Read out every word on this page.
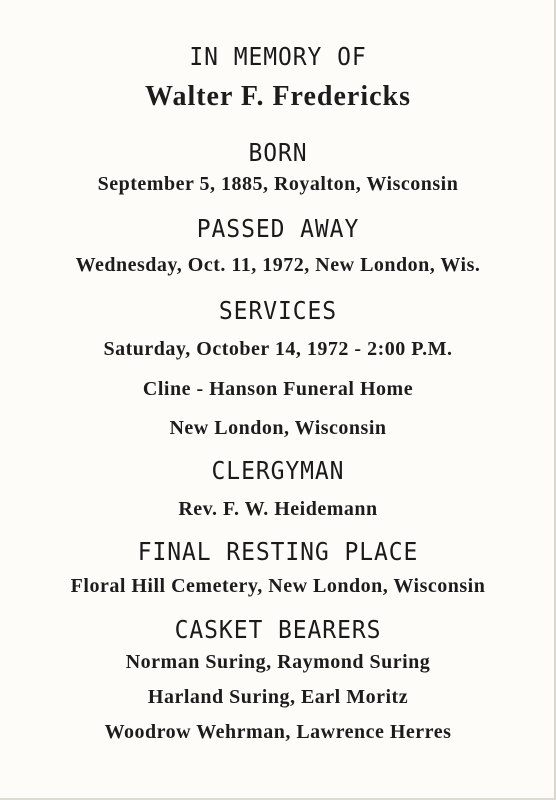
IN MEMORY OF
Walter F. Fredericks
BORN
September 5, 1885, Royalton, Wisconsin
PASSED AWAY
Wednesday, Oct. 11, 1972, New London, Wis.
SERVICES
Saturday, October 14, 1972 - 2:00 P.M.
Cline - Hanson Funeral Home
New London, Wisconsin
CLERGYMAN
Rev. F. W. Heidemann
FINAL RESTING PLACE
Floral Hill Cemetery, New London, Wisconsin
CASKET BEARERS
Norman Suring, Raymond Suring
Harland Suring, Earl Moritz
Woodrow Wehrman, Lawrence Herres
